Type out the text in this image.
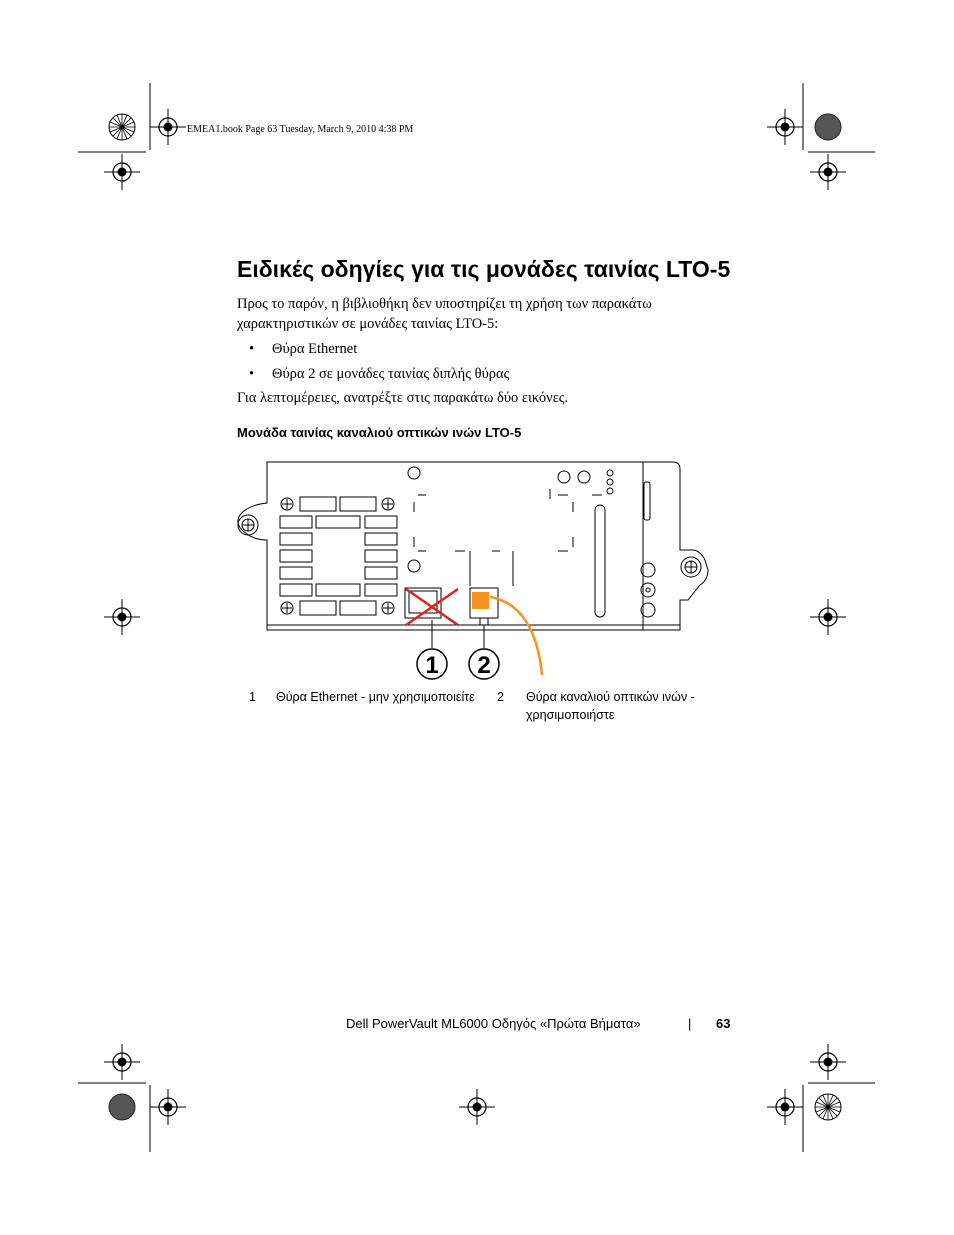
EMEA1.book Page 63 Tuesday, March 9, 2010 4:38 PM
Ειδικές οδηγίες για τις μονάδες ταινίας LTO-5
Προς το παρόν, η βιβλιοθήκη δεν υποστηρίζει τη χρήση των παρακάτω
χαρακτηριστικών σε μονάδες ταινίας LTO-5:
• Θύρα Ethernet
• Θύρα 2 σε μονάδες ταινίας διπλής θύρας
Για λεπτομέρειες, ανατρέξτε στις παρακάτω δύο εικόνες.
Μονάδα ταινίας καναλιού οπτικών ινών LTO-5
1 2
1 Θύρα Ethernet - μην χρησιμοποιείτε 2 Θύρα καναλιού οπτικών ινών -
χρησιμοποιήστε
Dell PowerVault ML6000 Οδηγός «Πρώτα Βήματα»	| 63
